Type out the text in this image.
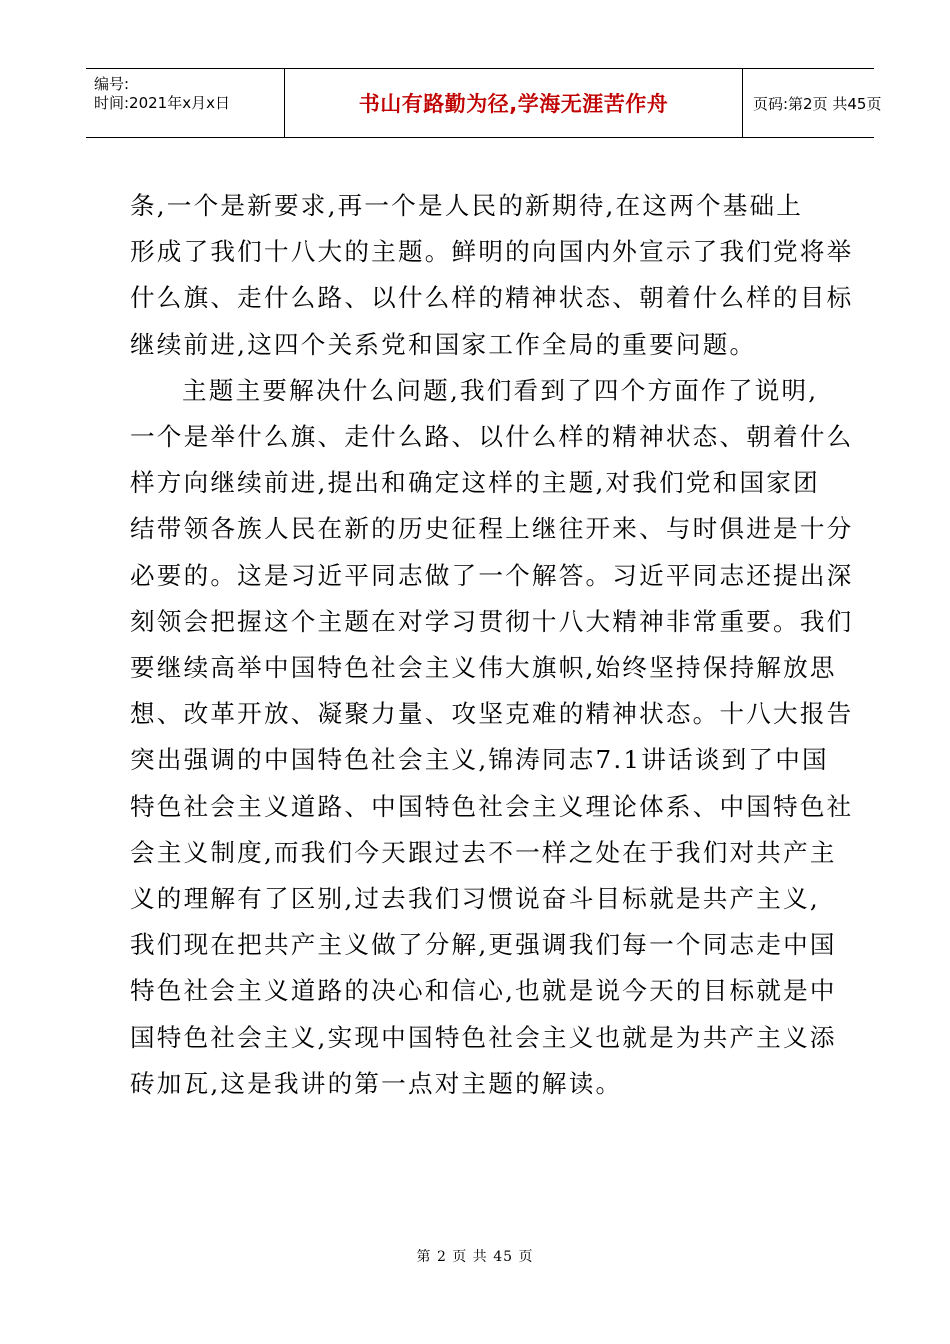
编号:
时间:2021年x月x日	书山有路勤为径,学海无涯苦作舟	页码:第2页 共45页
条,一个是新要求,再一个是人民的新期待,在这两个基础上
形成了我们十八大的主题。鲜明的向国内外宣示了我们党将举
什么旗、走什么路、以什么样的精神状态、朝着什么样的目标
继续前进,这四个关系党和国家工作全局的重要问题。
主题主要解决什么问题,我们看到了四个方面作了说明,
一个是举什么旗、走什么路、以什么样的精神状态、朝着什么
样方向继续前进,提出和确定这样的主题,对我们党和国家团
结带领各族人民在新的历史征程上继往开来、与时俱进是十分
必要的。这是习近平同志做了一个解答。习近平同志还提出深
刻领会把握这个主题在对学习贯彻十八大精神非常重要。我们
要继续高举中国特色社会主义伟大旗帜,始终坚持保持解放思
想、改革开放、凝聚力量、攻坚克难的精神状态。十八大报告
突出强调的中国特色社会主义,锦涛同志7.1讲话谈到了中国
特色社会主义道路、中国特色社会主义理论体系、中国特色社
会主义制度,而我们今天跟过去不一样之处在于我们对共产主
义的理解有了区别,过去我们习惯说奋斗目标就是共产主义,
我们现在把共产主义做了分解,更强调我们每一个同志走中国
特色社会主义道路的决心和信心,也就是说今天的目标就是中
国特色社会主义,实现中国特色社会主义也就是为共产主义添
砖加瓦,这是我讲的第一点对主题的解读。
第 2 页 共 45 页
